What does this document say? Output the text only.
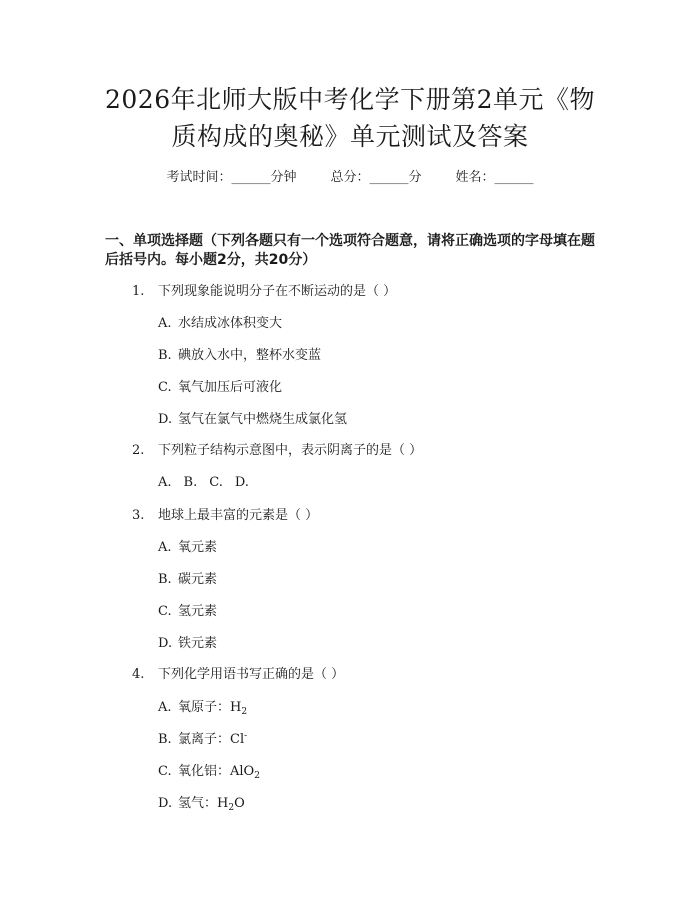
2026年北师大版中考化学下册第2单元《物
质构成的奥秘》单元测试及答案
考试时间：______分钟	总分：______分	姓名：______
一、单项选择题（下列各题只有一个选项符合题意，请将正确选项的字母填在题
后括号内。每小题2分，共20分）
1. 下列现象能说明分子在不断运动的是（ ）
A. 水结成冰体积变大
B. 碘放入水中，整杯水变蓝
C. 氧气加压后可液化
D. 氢气在氯气中燃烧生成氯化氢
2. 下列粒子结构示意图中，表示阴离子的是（ ）
A. B. C. D.
3. 地球上最丰富的元素是（ ）
A. 氧元素
B. 碳元素
C. 氢元素
D. 铁元素
4. 下列化学用语书写正确的是（ ）
A. 氧原子：$H_2$
B. 氯离子：Cl-
C. 氧化铝：AlO$_2$
D. 氢气：$H_2O$
